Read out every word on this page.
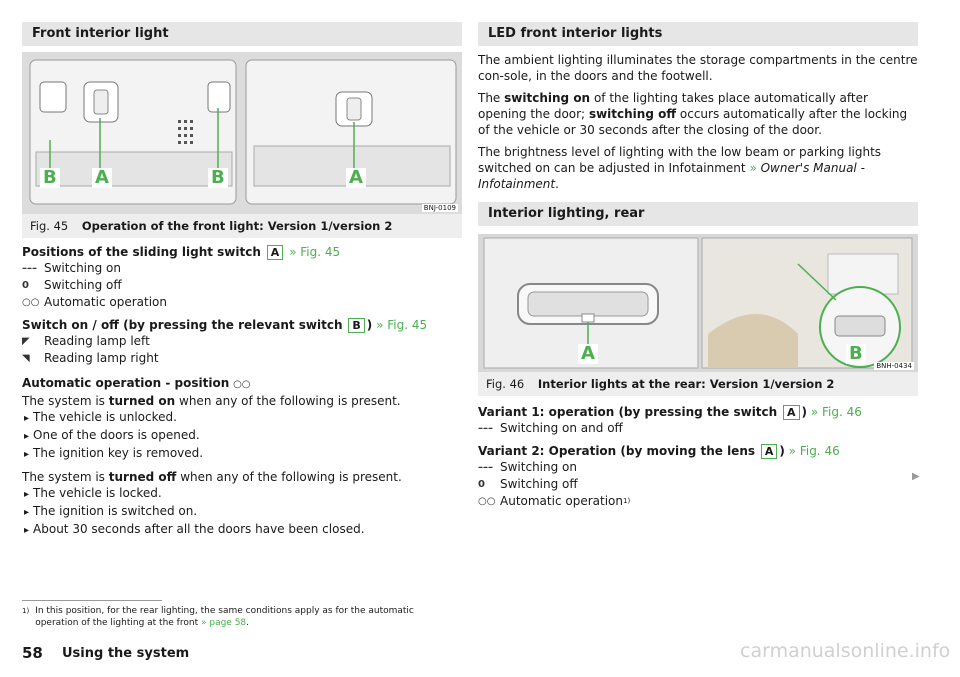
Front interior light
B A	B	A
BNJ-0109
Fig. 45 Operation of the front light: Version 1/version 2
Positions of the sliding light switch A » Fig. 45
––– Switching on
0	Switching off
○○ Automatic operation
Switch on / off (by pressing the relevant switch B ) » Fig. 45
◤	Reading lamp left
◥	Reading lamp right
Automatic operation - position ○○
The system is turned on when any of the following is present.
▸ The vehicle is unlocked.
▸ One of the doors is opened.
▸ The ignition key is removed.
The system is turned off when any of the following is present.
▸ The vehicle is locked.
▸ The ignition is switched on.
▸ About 30 seconds after all the doors have been closed.
LED front interior lights
The ambient lighting illuminates the storage compartments in the centre con-sole, in the doors and the footwell.
The switching on of the lighting takes place automatically after opening the door; switching off occurs automatically after the locking of the vehicle or 30 seconds after the closing of the door.
The brightness level of lighting with the low beam or parking lights switched on can be adjusted in Infotainment » Owner's Manual - Infotainment.
Interior lighting, rear
A	B
BNH-0434
Fig. 46 Interior lights at the rear: Version 1/version 2
Variant 1: operation (by pressing the switch A ) » Fig. 46
––– Switching on and off
Variant 2: Operation (by moving the lens A ) » Fig. 46
––– Switching on
0	Switching off
○○ Automatic operation 1)
▶
$^{1)}$ In this position, for the rear lighting, the same conditions apply as for the automatic operation of the lighting at the front » page 58.
58 Using the system	carmanualsonline.info
